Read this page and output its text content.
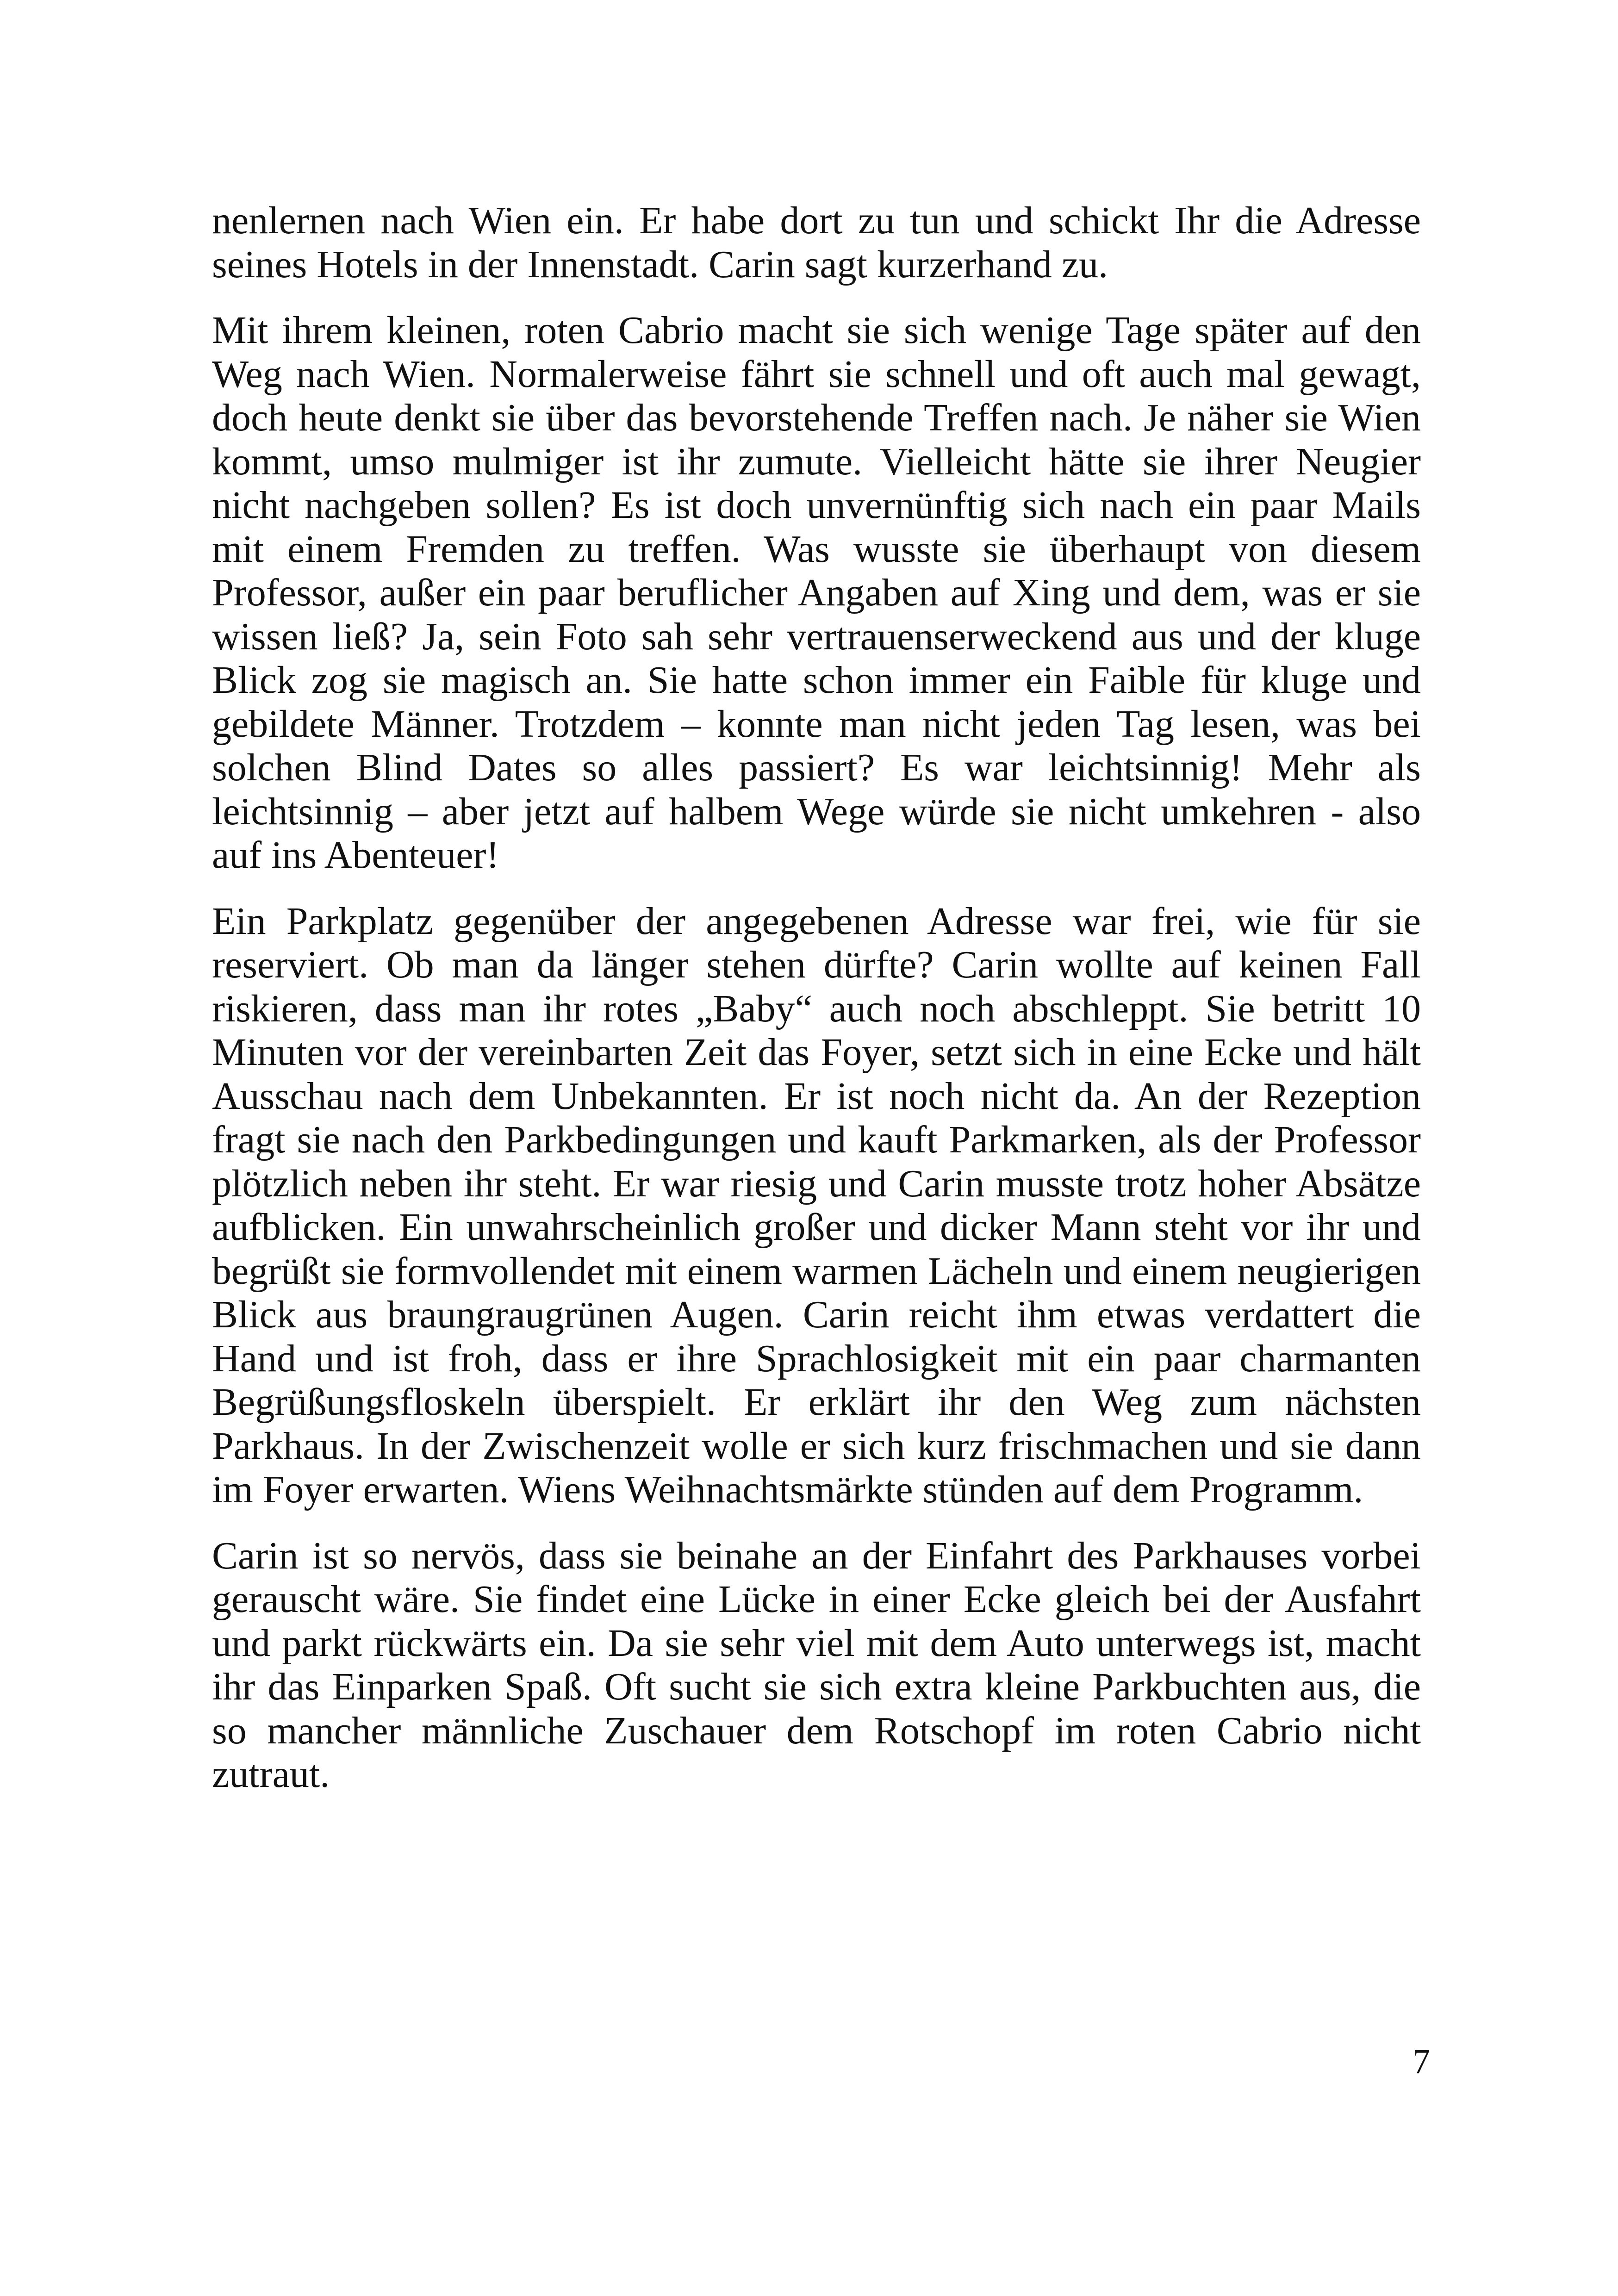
nenlernen nach Wien ein. Er habe dort zu tun und schickt Ihr die Adresse seines Hotels in der Innenstadt. Carin sagt kurzerhand zu.

Mit ihrem kleinen, roten Cabrio macht sie sich wenige Tage später auf den Weg nach Wien. Normalerweise fährt sie schnell und oft auch mal gewagt, doch heute denkt sie über das bevorstehende Treffen nach. Je näher sie Wien kommt, umso mulmiger ist ihr zumute. Vielleicht hätte sie ihrer Neugier nicht nachgeben sollen? Es ist doch unvernünftig sich nach ein paar Mails mit einem Fremden zu treffen. Was wusste sie überhaupt von diesem Professor, außer ein paar beruflicher Angaben auf Xing und dem, was er sie wissen ließ? Ja, sein Foto sah sehr vertrauenserweckend aus und der kluge Blick zog sie magisch an. Sie hatte schon immer ein Faible für kluge und gebildete Männer. Trotzdem – konnte man nicht jeden Tag lesen, was bei solchen Blind Dates so alles passiert? Es war leichtsinnig! Mehr als leichtsinnig – aber jetzt auf halbem Wege würde sie nicht umkehren - also auf ins Abenteuer!

Ein Parkplatz gegenüber der angegebenen Adresse war frei, wie für sie reserviert. Ob man da länger stehen dürfte? Carin wollte auf keinen Fall riskieren, dass man ihr rotes „Baby“ auch noch abschleppt. Sie betritt 10 Minuten vor der vereinbarten Zeit das Foyer, setzt sich in eine Ecke und hält Ausschau nach dem Unbekannten. Er ist noch nicht da. An der Rezeption fragt sie nach den Parkbedingungen und kauft Parkmarken, als der Professor plötzlich neben ihr steht. Er war riesig und Carin musste trotz hoher Absätze aufblicken. Ein unwahrscheinlich großer und dicker Mann steht vor ihr und begrüßt sie formvollendet mit einem warmen Lächeln und einem neugierigen Blick aus braungraugrünen Augen. Carin reicht ihm etwas verdattert die Hand und ist froh, dass er ihre Sprachlosigkeit mit ein paar charmanten Begrüßungsfloskeln überspielt. Er erklärt ihr den Weg zum nächsten Parkhaus. In der Zwischenzeit wolle er sich kurz frischmachen und sie dann im Foyer erwarten. Wiens Weihnachtsmärkte stünden auf dem Programm.

Carin ist so nervös, dass sie beinahe an der Einfahrt des Parkhauses vorbei gerauscht wäre. Sie findet eine Lücke in einer Ecke gleich bei der Ausfahrt und parkt rückwärts ein. Da sie sehr viel mit dem Auto unterwegs ist, macht ihr das Einparken Spaß. Oft sucht sie sich extra kleine Parkbuchten aus, die so mancher männliche Zuschauer dem Rotschopf im roten Cabrio nicht zutraut.

7
